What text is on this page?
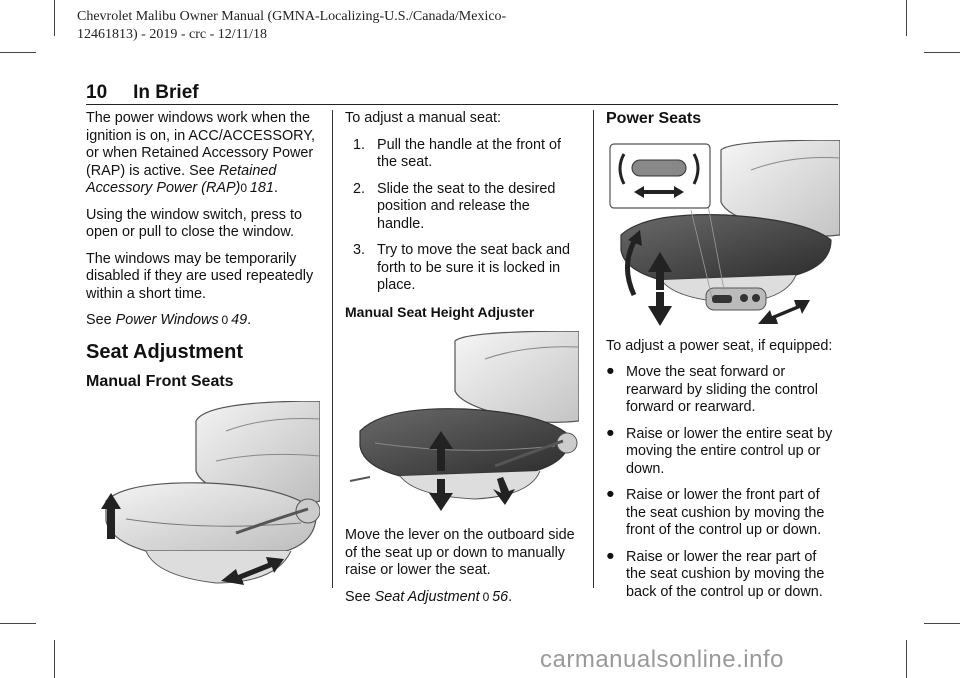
Chevrolet Malibu Owner Manual (GMNA-Localizing-U.S./Canada/Mexico-
12461813) - 2019 - crc - 12/11/18
10 In Brief

The power windows work when the ignition is on, in ACC/ACCESSORY, or when Retained Accessory Power (RAP) is active. See Retained Accessory Power (RAP)0  181.

Using the window switch, press to open or pull to close the window.

The windows may be temporarily disabled if they are used repeatedly within a short time.

See Power Windows  0  49.

Seat Adjustment
Manual Front Seats

To adjust a manual seat:

1. Pull the handle at the front of the seat.
2. Slide the seat to the desired position and release the handle.
3. Try to move the seat back and forth to be sure it is locked in place.
Manual Seat Height Adjuster

Move the lever on the outboard side of the seat up or down to manually raise or lower the seat.

See Seat Adjustment  0  56.

Power Seats

To adjust a power seat, if equipped:

● Move the seat forward or rearward by sliding the control forward or rearward.
● Raise or lower the entire seat by moving the entire control up or down.
● Raise or lower the front part of the seat cushion by moving the front of the control up or down.
● Raise or lower the rear part of the seat cushion by moving the back of the control up or down.
carmanualsonline.info
